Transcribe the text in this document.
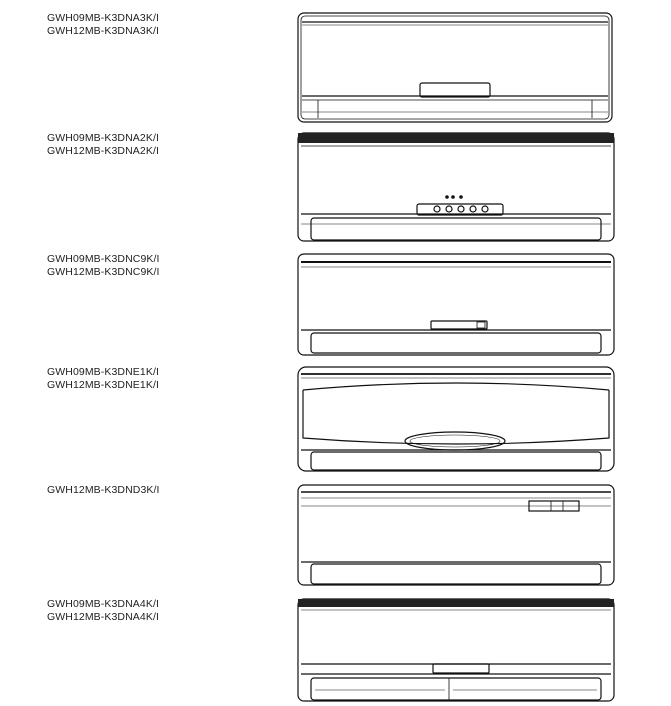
GWH09MB-K3DNA3K/I
GWH12MB-K3DNA3K/I
GWH09MB-K3DNA2K/I
GWH12MB-K3DNA2K/I
GWH09MB-K3DNC9K/I
GWH12MB-K3DNC9K/I
GWH09MB-K3DNE1K/I
GWH12MB-K3DNE1K/I
GWH12MB-K3DND3K/I
GWH09MB-K3DNA4K/I
GWH12MB-K3DNA4K/I
